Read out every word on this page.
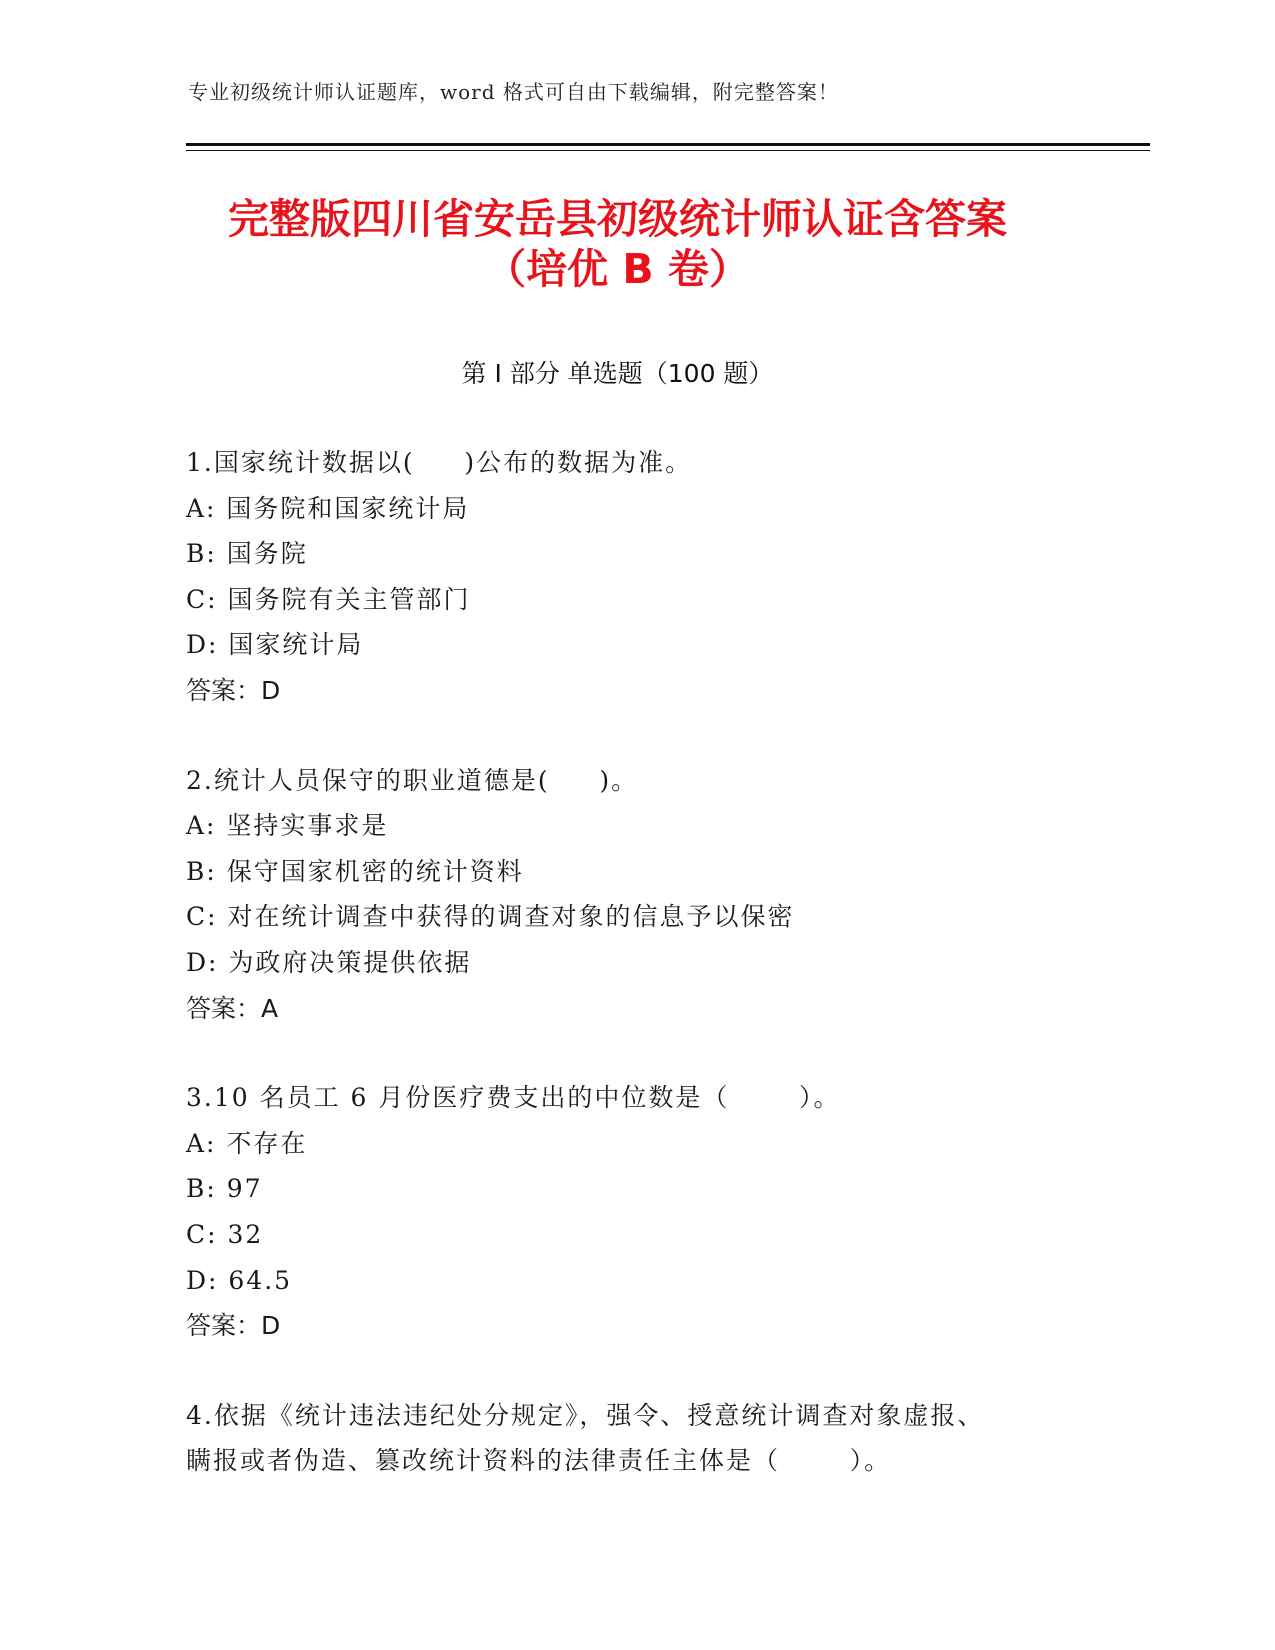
专业初级统计师认证题库，word 格式可自由下载编辑，附完整答案！
完整版四川省安岳县初级统计师认证含答案
（培优 B 卷）
第 I 部分 单选题（100 题）
1.国家统计数据以(     )公布的数据为准。
A: 国务院和国家统计局
B: 国务院
C: 国务院有关主管部门
D: 国家统计局
答案：D
2.统计人员保守的职业道德是(     )。
A: 坚持实事求是
B: 保守国家机密的统计资料
C: 对在统计调查中获得的调查对象的信息予以保密
D: 为政府决策提供依据
答案：A
3.10 名员工 6 月份医疗费支出的中位数是（       ）。
A: 不存在
B: 97
C: 32
D: 64.5
答案：D
4.依据《统计违法违纪处分规定》，强令、授意统计调查对象虚报、
瞒报或者伪造、篡改统计资料的法律责任主体是（       ）。
